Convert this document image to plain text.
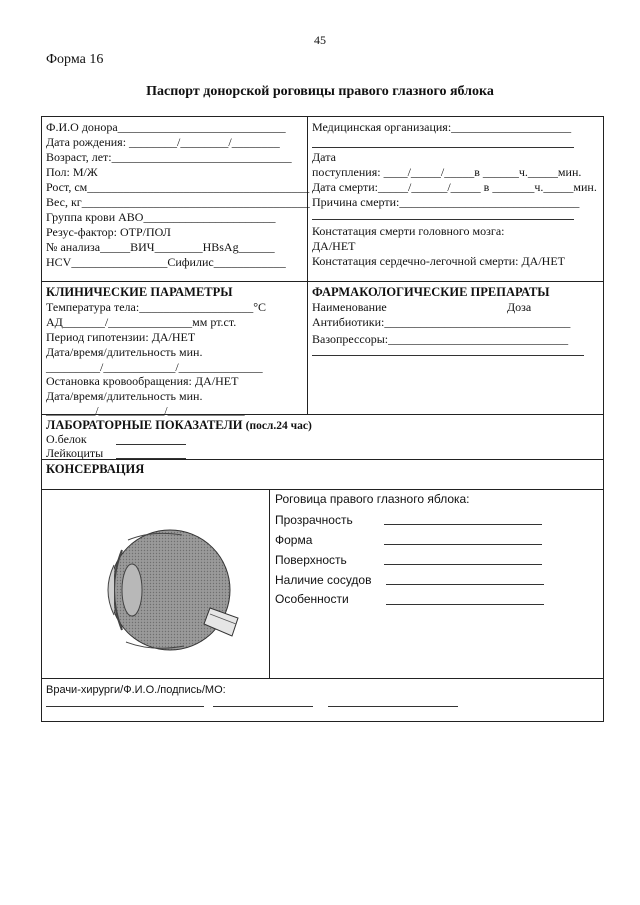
45
Форма 16
Паспорт донорской роговицы правого глазного яблока
Ф.И.О донора____________________________
Дата рождения: ________/________/________
Возраст, лет:______________________________
Пол: М/Ж
Рост, см_____________________________________
Вес, кг______________________________________
Группа крови АВО______________________
Резус-фактор: ОТР/ПОЛ
№ анализа_____ВИЧ________HBsAg______
HCV________________Сифилис____________
Медицинская организация:____________________
Дата
поступления: ____/_____/_____в ______ч._____мин.
Дата смерти:_____/______/_____ в _______ч._____мин.
Причина смерти:______________________________
Констатация смерти головного мозга:
ДА/НЕТ
Констатация сердечно-легочной смерти: ДА/НЕТ
КЛИНИЧЕСКИЕ ПАРАМЕТРЫ
Температура тела:___________________°C
АД_______/______________мм рт.ст.
Период гипотензии: ДА/НЕТ
Дата/время/длительность мин.
_________/____________/______________
Остановка кровообращения: ДА/НЕТ
Дата/время/длительность мин.
_________/____________/______________
ФАРМАКОЛОГИЧЕСКИЕ ПРЕПАРАТЫ
Наименование	Доза
Антибиотики:_______________________________
Вазопрессоры:______________________________
ЛАБОРАТОРНЫЕ ПОКАЗАТЕЛИ (посл.24 час)
О.белок
Лейкоциты
КОНСЕРВАЦИЯ
Роговица правого глазного яблока:
Прозрачность
Форма
Поверхность
Наличие сосудов
Особенности
Врачи-хирурги/Ф.И.О./подпись/МО:
